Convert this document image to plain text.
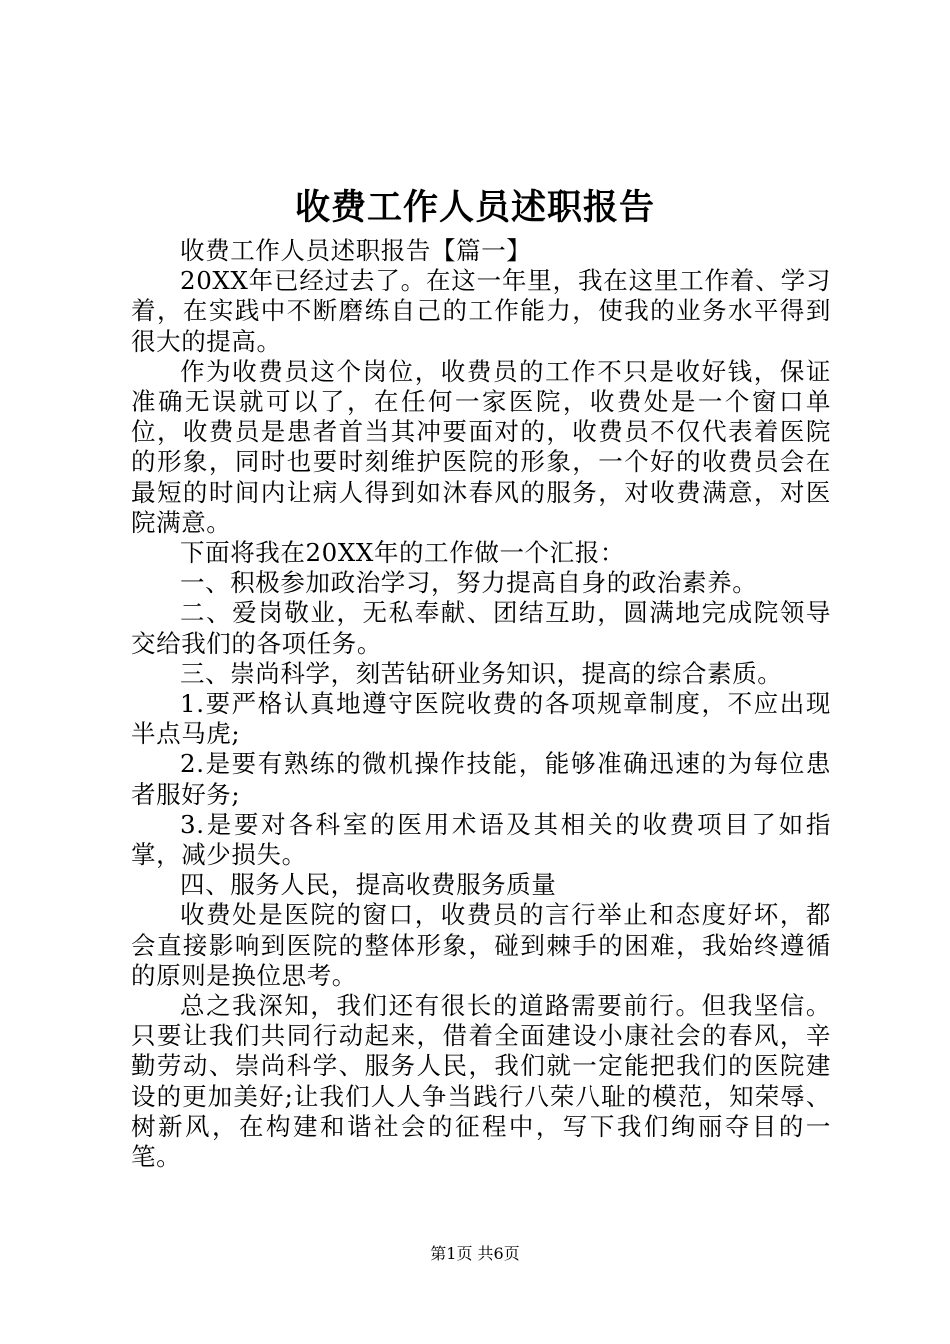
收费工作人员述职报告

收费工作人员述职报告【篇一】

20XX年已经过去了。在这一年里，我在这里工作着、学习着，在实践中不断磨练自己的工作能力，使我的业务水平得到很大的提高。

作为收费员这个岗位，收费员的工作不只是收好钱，保证准确无误就可以了，在任何一家医院，收费处是一个窗口单位，收费员是患者首当其冲要面对的，收费员不仅代表着医院的形象，同时也要时刻维护医院的形象，一个好的收费员会在最短的时间内让病人得到如沐春风的服务，对收费满意，对医院满意。

下面将我在20XX年的工作做一个汇报：

一、积极参加政治学习，努力提高自身的政治素养。

二、爱岗敬业，无私奉献、团结互助，圆满地完成院领导交给我们的各项任务。

三、崇尚科学，刻苦钻研业务知识，提高的综合素质。

1.要严格认真地遵守医院收费的各项规章制度，不应出现半点马虎;

2.是要有熟练的微机操作技能，能够准确迅速的为每位患者服好务;

3.是要对各科室的医用术语及其相关的收费项目了如指掌，减少损失。

四、服务人民，提高收费服务质量

收费处是医院的窗口，收费员的言行举止和态度好坏，都会直接影响到医院的整体形象，碰到棘手的困难，我始终遵循的原则是换位思考。

总之我深知，我们还有很长的道路需要前行。但我坚信。只要让我们共同行动起来，借着全面建设小康社会的春风，辛勤劳动、崇尚科学、服务人民，我们就一定能把我们的医院建设的更加美好;让我们人人争当践行八荣八耻的模范，知荣辱、树新风，在构建和谐社会的征程中，写下我们绚丽夺目的一笔。

第1页 共6页
